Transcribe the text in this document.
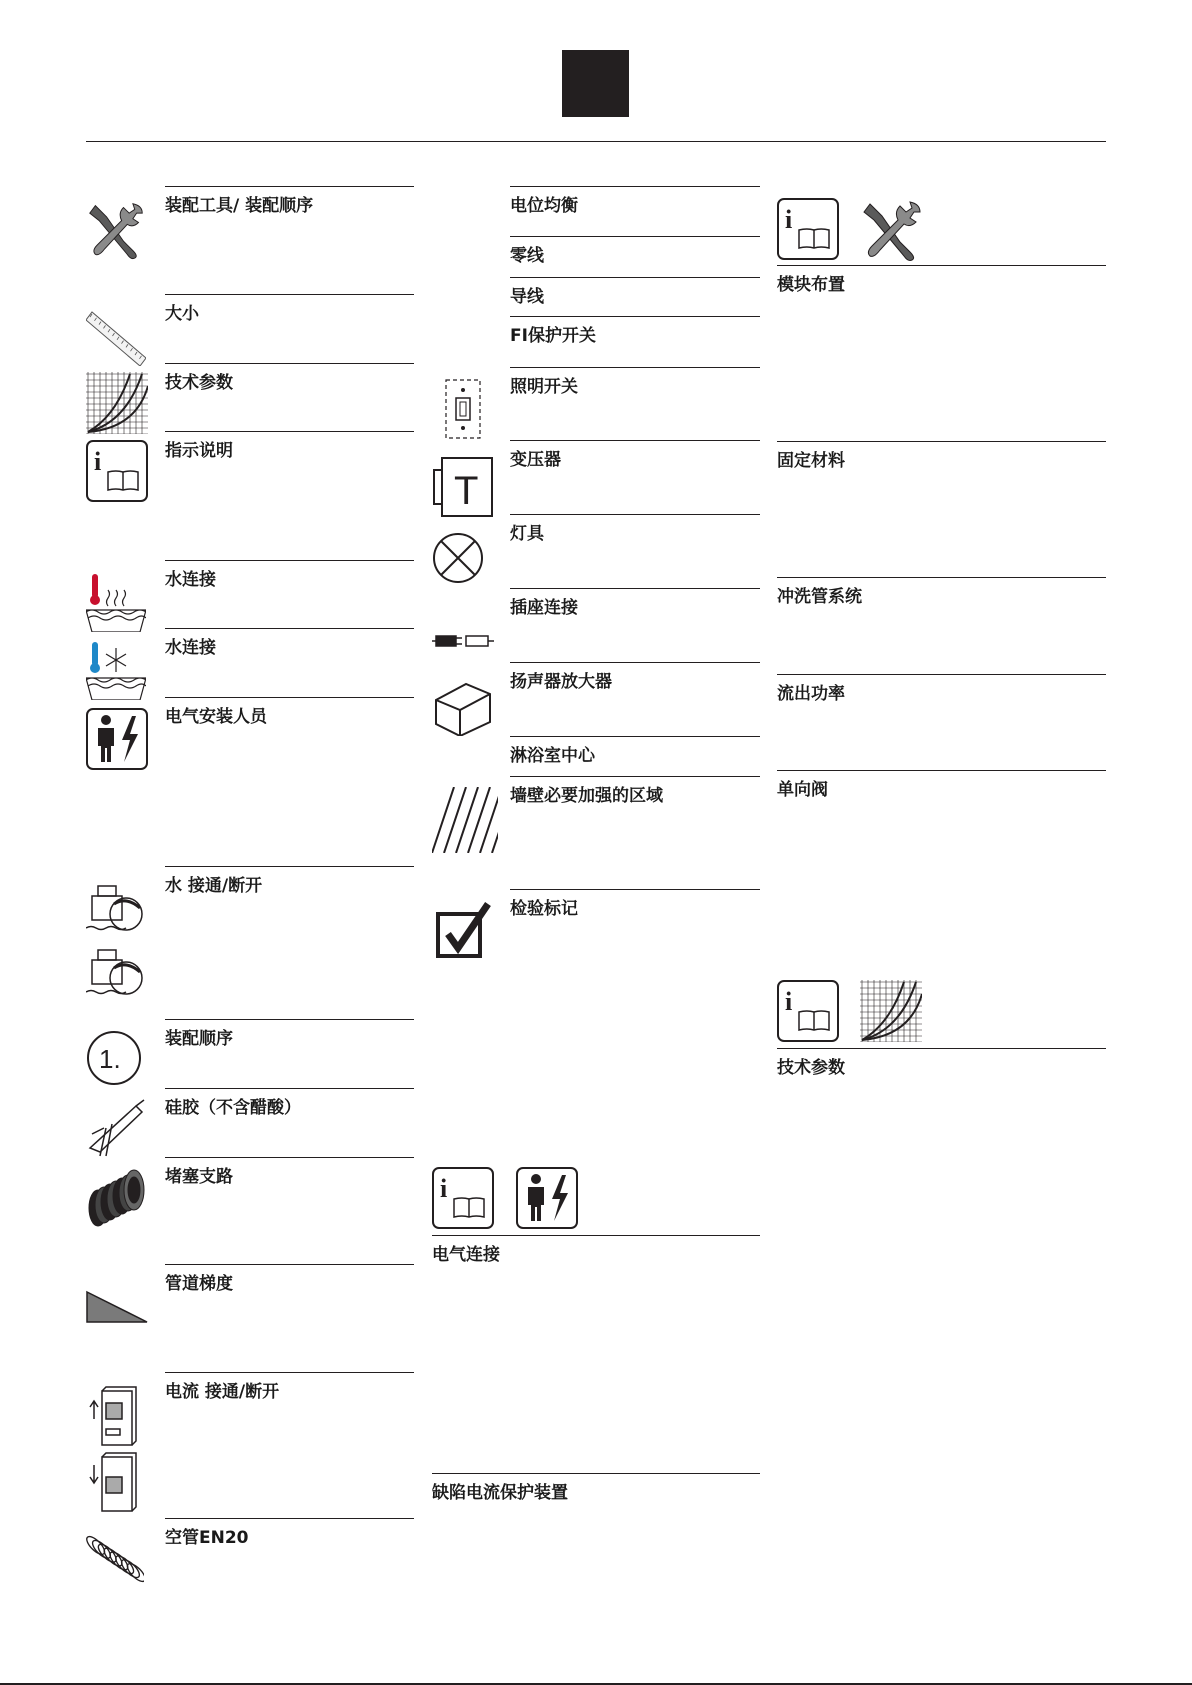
装配工具/ 装配顺序
大小
技术参数
指示说明
水连接
水连接
电气安装人员
水 接通/断开
装配顺序
1.
硅胶（不含醋酸）
堵塞支路
管道梯度
电流 接通/断开
空管EN20
电位均衡
零线
导线
FI保护开关
照明开关
变压器
T
灯具
插座连接
扬声器放大器
淋浴室中心
墙壁必要加强的区域
检验标记
电气连接
缺陷电流保护装置
模块布置
固定材料
冲洗管系统
流出功率
单向阀
技术参数
